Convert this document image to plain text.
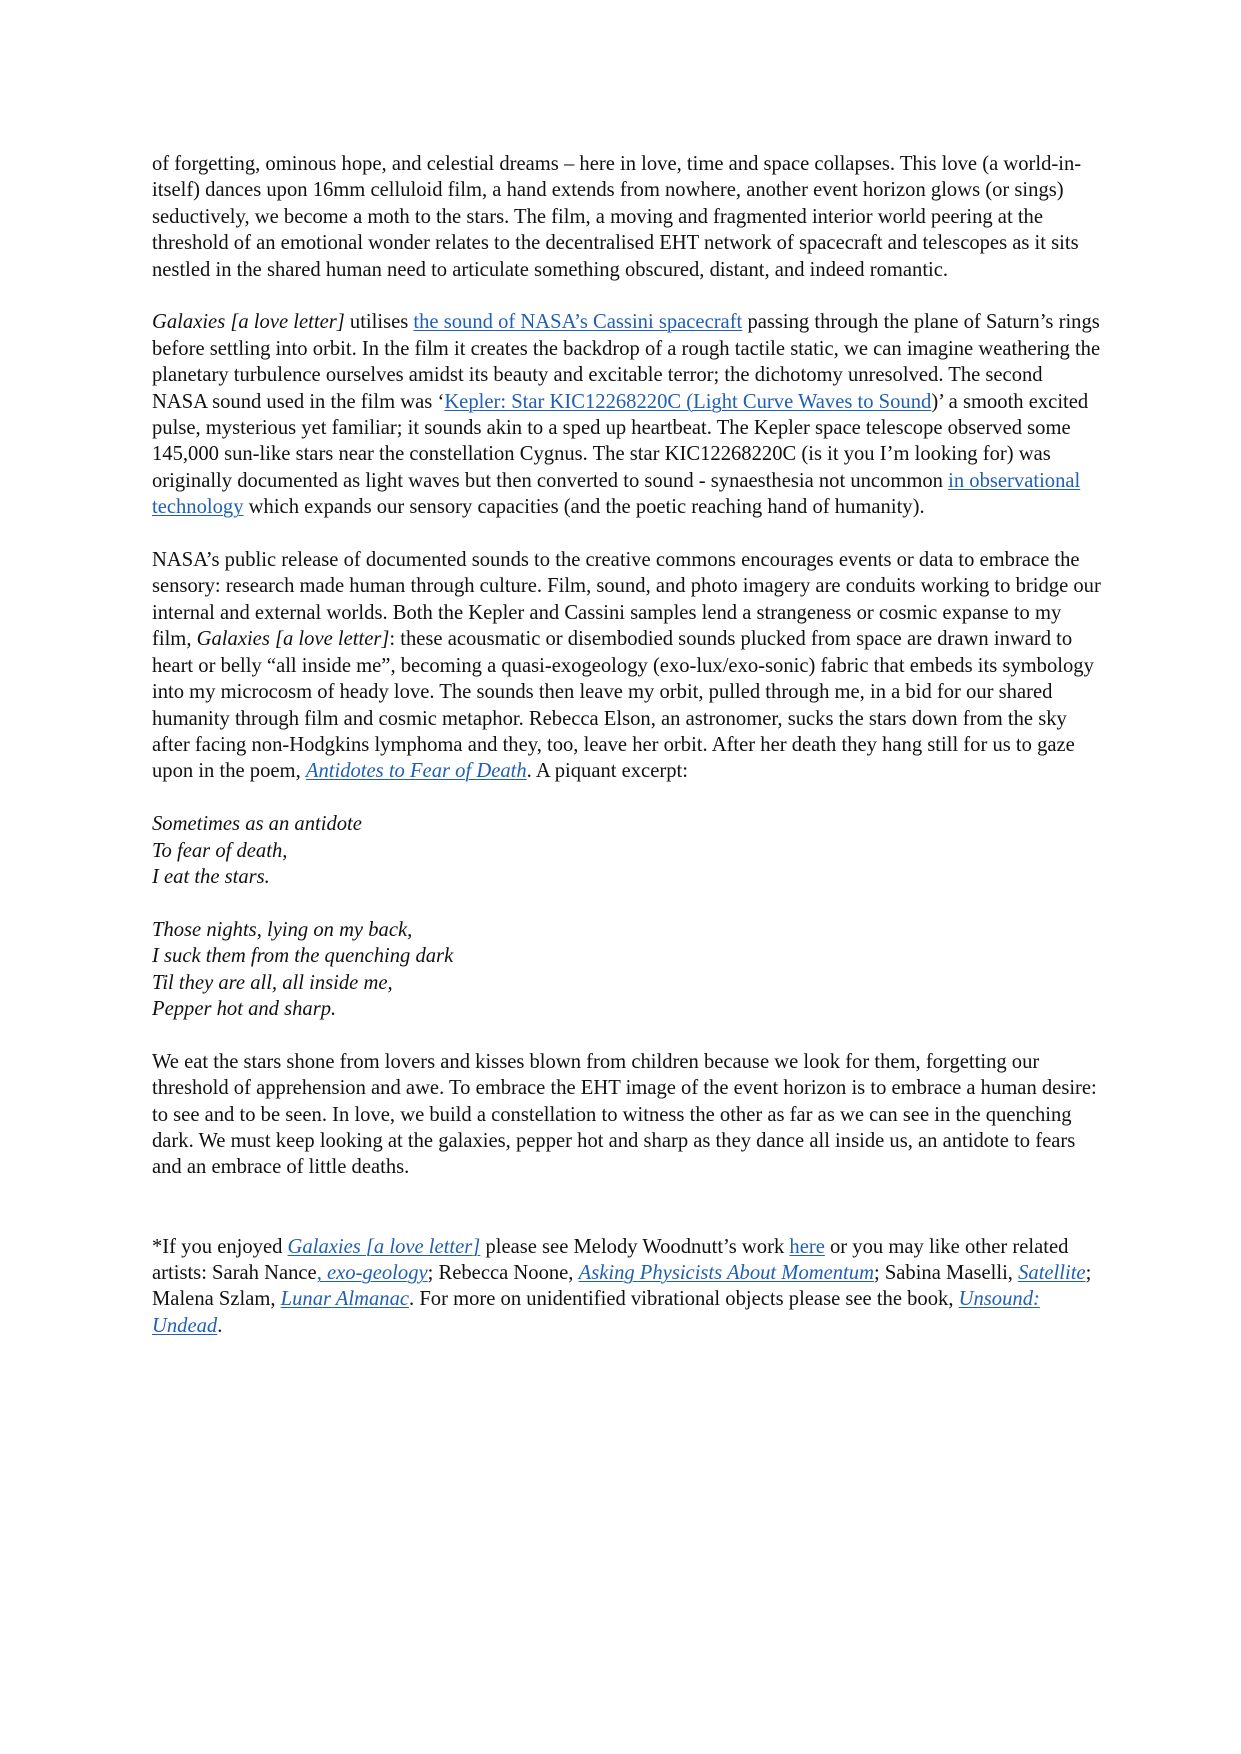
of forgetting, ominous hope, and celestial dreams – here in love, time and space collapses. This love (a world-in-itself) dances upon 16mm celluloid film, a hand extends from nowhere, another event horizon glows (or sings) seductively, we become a moth to the stars. The film, a moving and fragmented interior world peering at the threshold of an emotional wonder relates to the decentralised EHT network of spacecraft and telescopes as it sits nestled in the shared human need to articulate something obscured, distant, and indeed romantic.

Galaxies [a love letter] utilises the sound of NASA’s Cassini spacecraft passing through the plane of Saturn’s rings before settling into orbit. In the film it creates the backdrop of a rough tactile static, we can imagine weathering the planetary turbulence ourselves amidst its beauty and excitable terror; the dichotomy unresolved. The second NASA sound used in the film was ‘Kepler: Star KIC12268220C (Light Curve Waves to Sound)’ a smooth excited pulse, mysterious yet familiar; it sounds akin to a sped up heartbeat. The Kepler space telescope observed some 145,000 sun-like stars near the constellation Cygnus. The star KIC12268220C (is it you I’m looking for) was originally documented as light waves but then converted to sound - synaesthesia not uncommon in observational technology which expands our sensory capacities (and the poetic reaching hand of humanity).

NASA’s public release of documented sounds to the creative commons encourages events or data to embrace the sensory: research made human through culture. Film, sound, and photo imagery are conduits working to bridge our internal and external worlds. Both the Kepler and Cassini samples lend a strangeness or cosmic expanse to my film, Galaxies [a love letter]: these acousmatic or disembodied sounds plucked from space are drawn inward to heart or belly “all inside me”, becoming a quasi-exogeology (exo-lux/exo-sonic) fabric that embeds its symbology into my microcosm of heady love. The sounds then leave my orbit, pulled through me, in a bid for our shared humanity through film and cosmic metaphor. Rebecca Elson, an astronomer, sucks the stars down from the sky after facing non-Hodgkins lymphoma and they, too, leave her orbit. After her death they hang still for us to gaze upon in the poem, Antidotes to Fear of Death. A piquant excerpt:

Sometimes as an antidote
To fear of death,
I eat the stars.

Those nights, lying on my back,
I suck them from the quenching dark
Til they are all, all inside me,
Pepper hot and sharp.

We eat the stars shone from lovers and kisses blown from children because we look for them, forgetting our threshold of apprehension and awe. To embrace the EHT image of the event horizon is to embrace a human desire: to see and to be seen. In love, we build a constellation to witness the other as far as we can see in the quenching dark. We must keep looking at the galaxies, pepper hot and sharp as they dance all inside us, an antidote to fears and an embrace of little deaths.

*If you enjoyed Galaxies [a love letter] please see Melody Woodnutt’s work here or you may like other related artists: Sarah Nance, exo-geology; Rebecca Noone, Asking Physicists About Momentum; Sabina Maselli, Satellite; Malena Szlam, Lunar Almanac. For more on unidentified vibrational objects please see the book, Unsound: Undead.
